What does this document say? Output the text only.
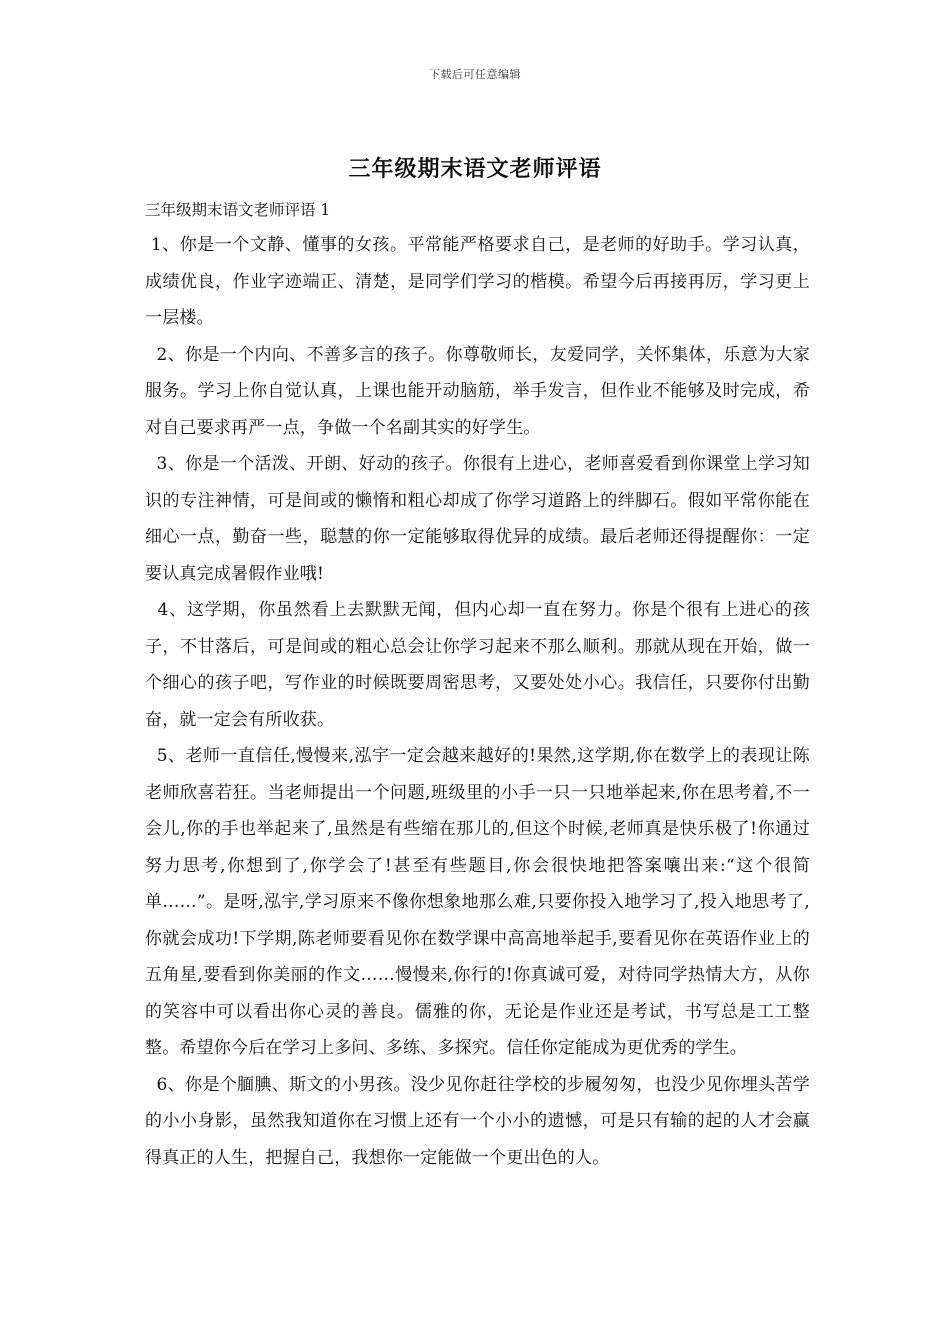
下载后可任意编辑
三年级期末语文老师评语

三年级期末语文老师评语 1

1、你是一个文静、懂事的女孩。平常能严格要求自己，是老师的好助手。学习认真，成绩优良，作业字迹端正、清楚，是同学们学习的楷模。希望今后再接再厉，学习更上一层楼。

2、你是一个内向、不善多言的孩子。你尊敬师长，友爱同学，关怀集体，乐意为大家服务。学习上你自觉认真，上课也能开动脑筋，举手发言，但作业不能够及时完成，希对自己要求再严一点，争做一个名副其实的好学生。

3、你是一个活泼、开朗、好动的孩子。你很有上进心，老师喜爱看到你课堂上学习知识的专注神情，可是间或的懒惰和粗心却成了你学习道路上的绊脚石。假如平常你能在细心一点，勤奋一些，聪慧的你一定能够取得优异的成绩。最后老师还得提醒你：一定要认真完成暑假作业哦!

4、这学期，你虽然看上去默默无闻，但内心却一直在努力。你是个很有上进心的孩子，不甘落后，可是间或的粗心总会让你学习起来不那么顺利。那就从现在开始，做一个细心的孩子吧，写作业的时候既要周密思考，又要处处小心。我信任，只要你付出勤奋，就一定会有所收获。

5、老师一直信任,慢慢来,泓宇一定会越来越好的!果然,这学期,你在数学上的表现让陈老师欣喜若狂。当老师提出一个问题,班级里的小手一只一只地举起来,你在思考着,不一会儿,你的手也举起来了,虽然是有些缩在那儿的,但这个时候,老师真是快乐极了!你通过努力思考,你想到了,你学会了!甚至有些题目,你会很快地把答案嚷出来:“这个很简单……”。是呀,泓宇,学习原来不像你想象地那么难,只要你投入地学习了,投入地思考了,你就会成功!下学期,陈老师要看见你在数学课中高高地举起手,要看见你在英语作业上的五角星,要看到你美丽的作文……慢慢来,你行的!你真诚可爱，对待同学热情大方，从你的笑容中可以看出你心灵的善良。儒雅的你，无论是作业还是考试，书写总是工工整整。希望你今后在学习上多问、多练、多探究。信任你定能成为更优秀的学生。

6、你是个腼腆、斯文的小男孩。没少见你赶往学校的步履匆匆，也没少见你埋头苦学的小小身影，虽然我知道你在习惯上还有一个小小的遗憾，可是只有输的起的人才会赢得真正的人生，把握自己，我想你一定能做一个更出色的人。
